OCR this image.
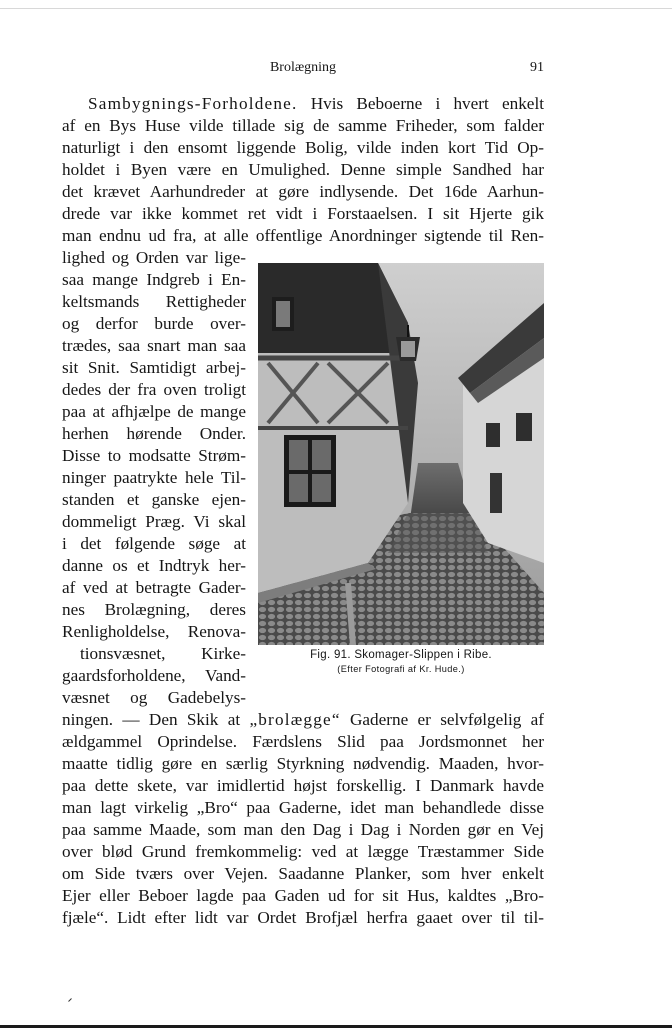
Brolægning	91
Sambygnings-Forholdene. Hvis Beboerne i hvert enkelt
af en Bys Huse vilde tillade sig de samme Friheder, som falder
naturligt i den ensomt liggende Bolig, vilde inden kort Tid Op-
holdet i Byen være en Umulighed. Denne simple Sandhed har
det krævet Aarhundreder at gøre indlysende. Det 16de Aarhun-
drede var ikke kommet ret vidt i Forstaaelsen. I sit Hjerte gik
man endnu ud fra, at alle offentlige Anordninger sigtende til Ren-
lighed og Orden var lige-
saa mange Indgreb i En-
keltsmands Rettigheder
og derfor burde over-
trædes, saa snart man saa
sit Snit. Samtidigt arbej-
dedes der fra oven troligt
paa at afhjælpe de mange
herhen hørende Onder.
Disse to modsatte Strøm-
ninger paatrykte hele Til-
standen et ganske ejen-
dommeligt Præg. Vi skal
i det følgende søge at
danne os et Indtryk her-
af ved at betragte Gader-
nes Brolægning, deres
Renligholdelse, Renova-
tionsvæsnet, Kirke-
gaardsforholdene, Vand-
væsnet og Gadebelys-
ningen. — Den Skik at „brolægge“ Gaderne er selvfølgelig af
ældgammel Oprindelse. Færdslens Slid paa Jordsmonnet her
maatte tidlig gøre en særlig Styrkning nødvendig. Maaden, hvor-
paa dette skete, var imidlertid højst forskellig. I Danmark havde
man lagt virkelig „Bro“ paa Gaderne, idet man behandlede disse
paa samme Maade, som man den Dag i Dag i Norden gør en Vej
over blød Grund fremkommelig: ved at lægge Træstammer Side
om Side tværs over Vejen. Saadanne Planker, som hver enkelt
Ejer eller Beboer lagde paa Gaden ud for sit Hus, kaldtes „Bro-
fjæle“. Lidt efter lidt var Ordet Brofjæl herfra gaaet over til til-
Fig. 91. Skomager-Slippen i Ribe.
(Efter Fotografi af Kr. Hude.)
